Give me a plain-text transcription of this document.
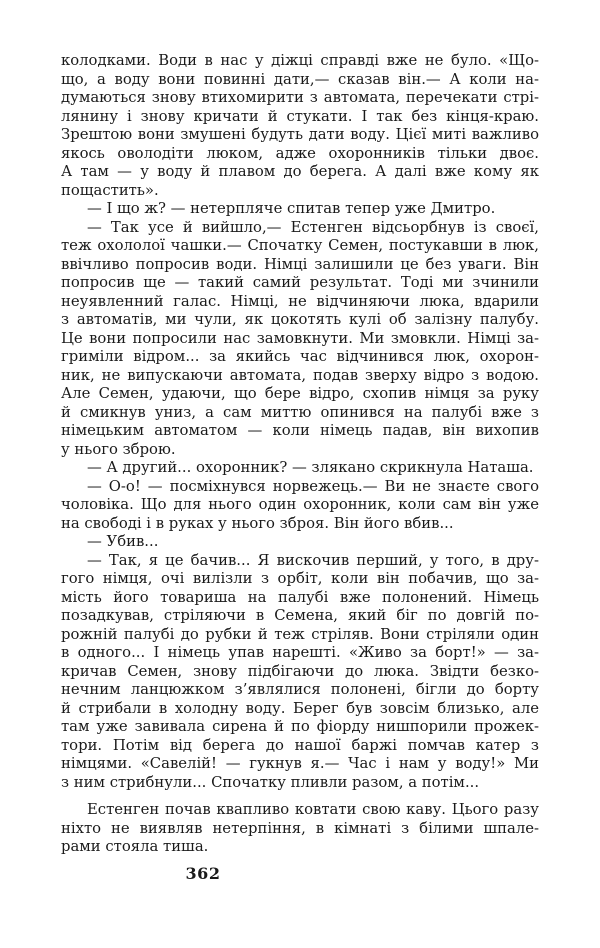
колодками. Води в нас у діжці справді вже не було. «Що-
що, а воду вони повинні дати,— сказав він.— А коли на-
думаються знову втихомирити з автомата, перечекати стрі-
лянину і знову кричати й стукати. І так без кінця-краю.
Зрештою вони змушені будуть дати воду. Цієї миті важливо
якось оволодіти люком, адже охоронників тільки двоє.
А там — у воду й плавом до берега. А далі вже кому як
пощастить».
— І що ж? — нетерпляче спитав тепер уже Дмитро.
— Так усе й вийшло,— Естенген відсьорбнув із своєї,
теж охололої чашки.— Спочатку Семен, постукавши в люк,
ввічливо попросив води. Німці залишили це без уваги. Він
попросив ще — такий самий результат. Тоді ми зчинили
неуявленний галас. Німці, не відчиняючи люка, вдарили
з автоматів, ми чули, як цокотять кулі об залізну палубу.
Це вони попросили нас замовкнути. Ми змовкли. Німці за-
гриміли відром... за якийсь час відчинився люк, охорон-
ник, не випускаючи автомата, подав зверху відро з водою.
Але Семен, удаючи, що бере відро, схопив німця за руку
й смикнув униз, а сам миттю опинився на палубі вже з
німецьким автоматом — коли німець падав, він вихопив
у нього зброю.
— А другий... охоронник? — злякано скрикнула Наташа.
— О-о! — посміхнувся норвежець.— Ви не знаєте свого
чоловіка. Що для нього один охоронник, коли сам він уже
на свободі і в руках у нього зброя. Він його вбив...
— Убив...
— Так, я це бачив... Я вискочив перший, у того, в дру-
гого німця, очі вилізли з орбіт, коли він побачив, що за-
мість його товариша на палубі вже полонений. Німець
позадкував, стріляючи в Семена, який біг по довгій по-
рожній палубі до рубки й теж стріляв. Вони стріляли один
в одного... І німець упав нарешті. «Живо за борт!» — за-
кричав Семен, знову підбігаючи до люка. Звідти безко-
нечним ланцюжком з’являлися полонені, бігли до борту
й стрибали в холодну воду. Берег був зовсім близько, але
там уже завивала сирена й по фіорду нишпорили прожек-
тори. Потім від берега до нашої баржі помчав катер з
німцями. «Савелій! — гукнув я.— Час і нам у воду!» Ми
з ним стрибнули... Спочатку пливли разом, а потім...
Естенген почав квапливо ковтати свою каву. Цього разу
ніхто не виявляв нетерпіння, в кімнаті з білими шпале-
рами стояла тиша.
362
